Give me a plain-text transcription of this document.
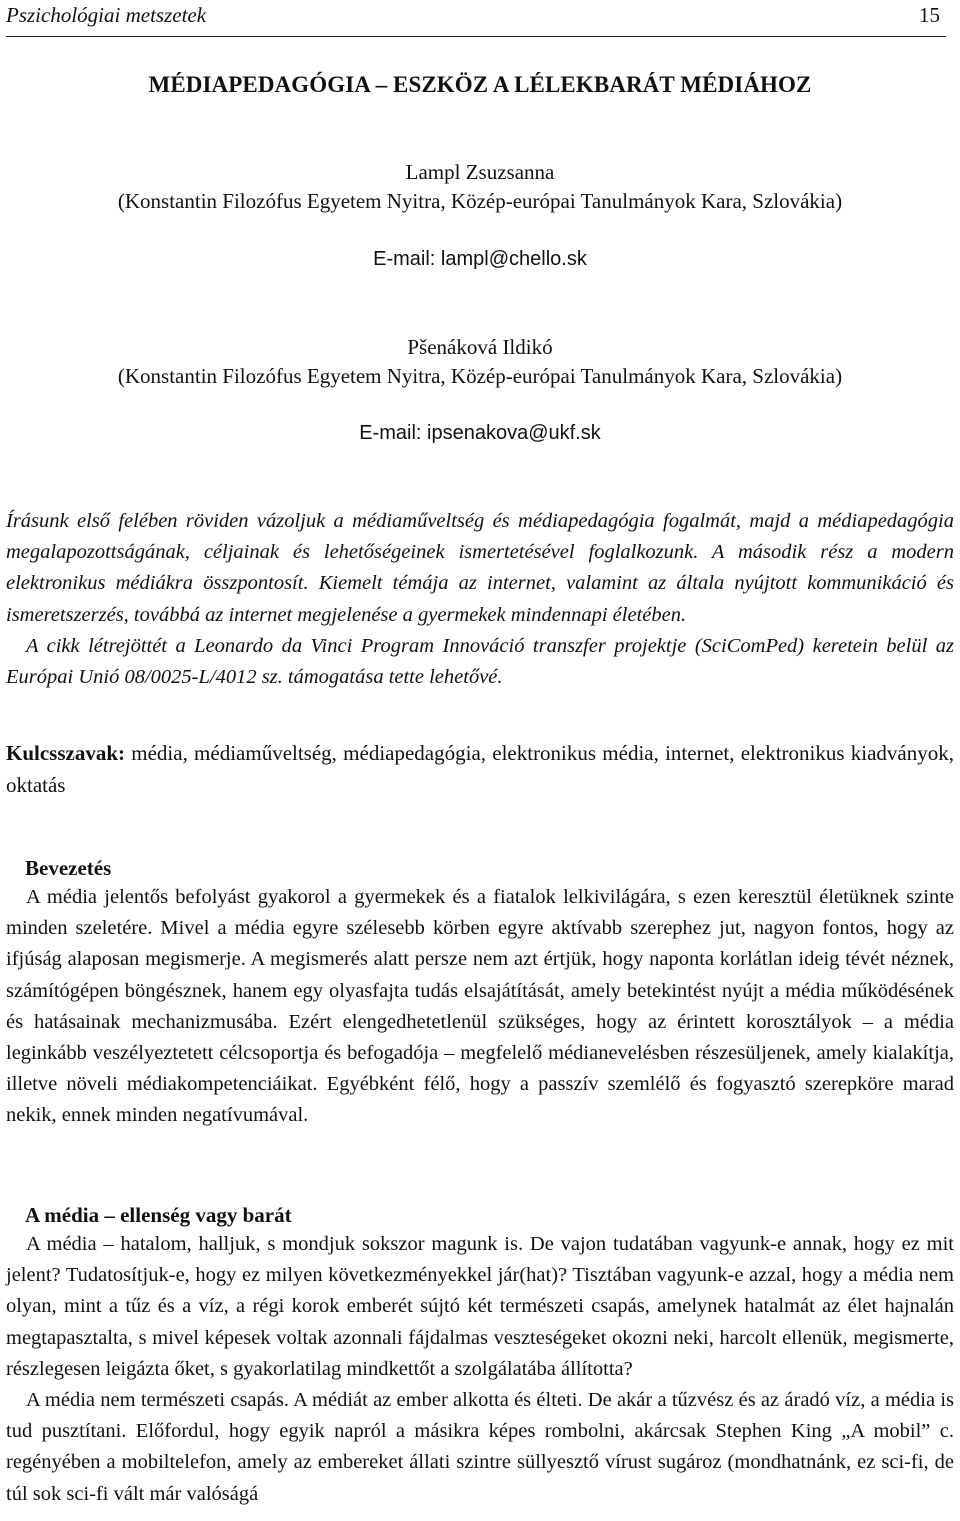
Pszichológiai metszetek	15
MÉDIAPEDAGÓGIA – ESZKÖZ A LÉLEKBARÁT MÉDIÁHOZ
Lampl Zsuzsanna
(Konstantin Filozófus Egyetem Nyitra, Közép-európai Tanulmányok Kara, Szlovákia)
E-mail: lampl@chello.sk
Pšenáková Ildikó
(Konstantin Filozófus Egyetem Nyitra, Közép-európai Tanulmányok Kara, Szlovákia)
E-mail: ipsenakova@ukf.sk

Írásunk első felében röviden vázoljuk a médiaműveltség és médiapedagógia fogalmát, majd a médiapedagógia megalapozottságának, céljainak és lehetőségeinek ismertetésével foglalkozunk. A második rész a modern elektronikus médiákra összpontosít. Kiemelt témája az internet, valamint az általa nyújtott kommunikáció és ismeretszerzés, továbbá az internet megjelenése a gyermekek mindennapi életében.

A cikk létrejöttét a Leonardo da Vinci Program Innováció transzfer projektje (SciComPed) keretein belül az Európai Unió 08/0025-L/4012 sz. támogatása tette lehetővé.

Kulcsszavak: média, médiaműveltség, médiapedagógia, elektronikus média, internet, elektronikus kiadványok, oktatás
Bevezetés

A média jelentős befolyást gyakorol a gyermekek és a fiatalok lelkivilágára, s ezen keresztül életüknek szinte minden szeletére. Mivel a média egyre szélesebb körben egyre aktívabb szerephez jut, nagyon fontos, hogy az ifjúság alaposan megismerje. A megismerés alatt persze nem azt értjük, hogy naponta korlátlan ideig tévét néznek, számítógépen böngésznek, hanem egy olyasfajta tudás elsajátítását, amely betekintést nyújt a média működésének és hatásainak mechanizmusába. Ezért elengedhetetlenül szükséges, hogy az érintett korosztályok – a média leginkább veszélyeztetett célcsoportja és befogadója – megfelelő médianevelésben részesüljenek, amely kialakítja, illetve növeli médiakompetenciáikat. Egyébként félő, hogy a passzív szemlélő és fogyasztó szerepköre marad nekik, ennek minden negatívumával.

A média – ellenség vagy barát

A média – hatalom, halljuk, s mondjuk sokszor magunk is. De vajon tudatában vagyunk-e annak, hogy ez mit jelent? Tudatosítjuk-e, hogy ez milyen következményekkel jár(hat)? Tisztában vagyunk-e azzal, hogy a média nem olyan, mint a tűz és a víz, a régi korok emberét sújtó két természeti csapás, amelynek hatalmát az élet hajnalán megtapasztalta, s mivel képesek voltak azonnali fájdalmas veszteségeket okozni neki, harcolt ellenük, megismerte, részlegesen leigázta őket, s gyakorlatilag mindkettőt a szolgálatába állította?

A média nem természeti csapás. A médiát az ember alkotta és élteti. De akár a tűzvész és az áradó víz, a média is tud pusztítani. Előfordul, hogy egyik napról a másikra képes rombolni, akárcsak Stephen King „A mobil” c. regényében a mobiltelefon, amely az embereket állati szintre süllyesztő vírust sugároz (mondhatnánk, ez sci-fi, de túl sok sci-fi vált már valóságá
